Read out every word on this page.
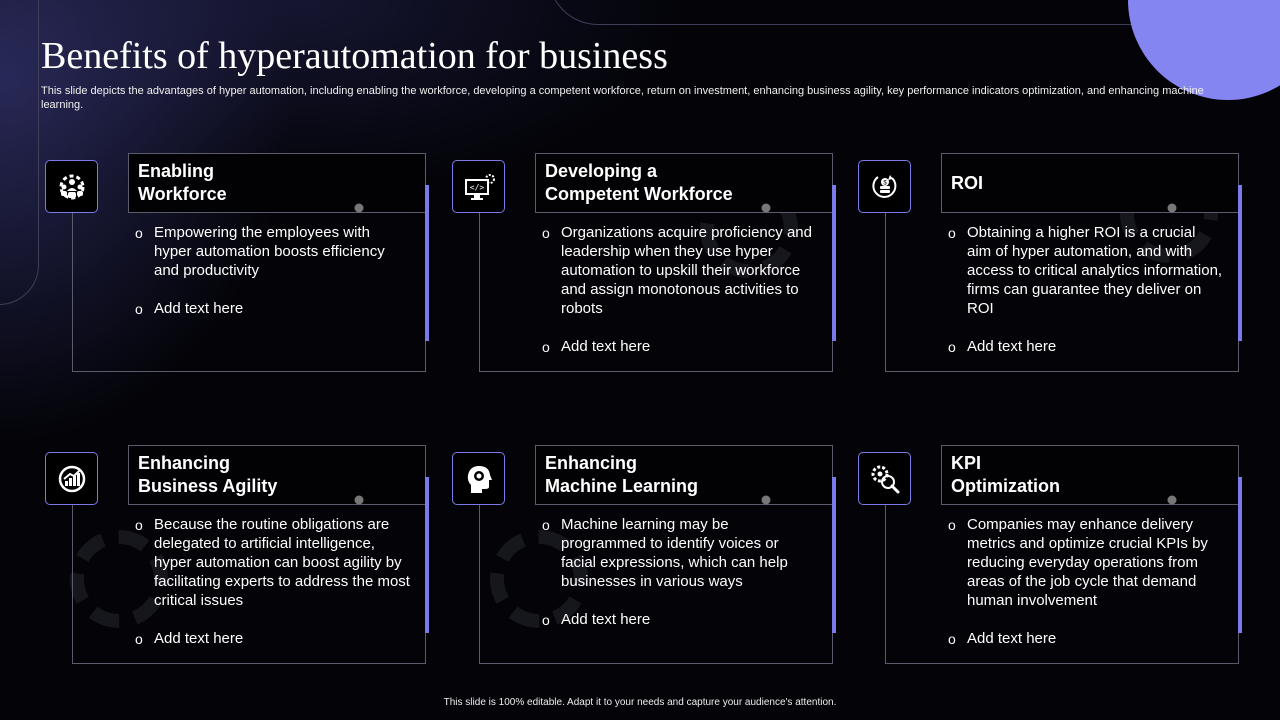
Benefits of hyperautomation for business

This slide depicts the advantages of hyper automation, including enabling the workforce, developing a competent workforce, return on investment, enhancing business agility, key performance indicators optimization, and enhancing machine learning.

Enabling
Workforce
o Empowering the employees with hyper automation boosts efficiency and productivity
o Add text here
Developing a
Competent Workforce
</>
o Organizations acquire proficiency and leadership when they use hyper automation to upskill their workforce and assign monotonous activities to robots
o Add text here
ROI
$
o Obtaining a higher ROI is a crucial aim of hyper automation, and with access to critical analytics information, firms can guarantee they deliver on ROI
o Add text here
Enhancing
Business Agility
o Because the routine obligations are delegated to artificial intelligence, hyper automation can boost agility by facilitating experts to address the most critical issues
o Add text here
Enhancing
Machine Learning
o Machine learning may be programmed to identify voices or facial expressions, which can help businesses in various ways
o Add text here
KPI
Optimization
o Companies may enhance delivery metrics and optimize crucial KPIs by reducing everyday operations from areas of the job cycle that demand human involvement
o Add text here
This slide is 100% editable. Adapt it to your needs and capture your audience's attention.
